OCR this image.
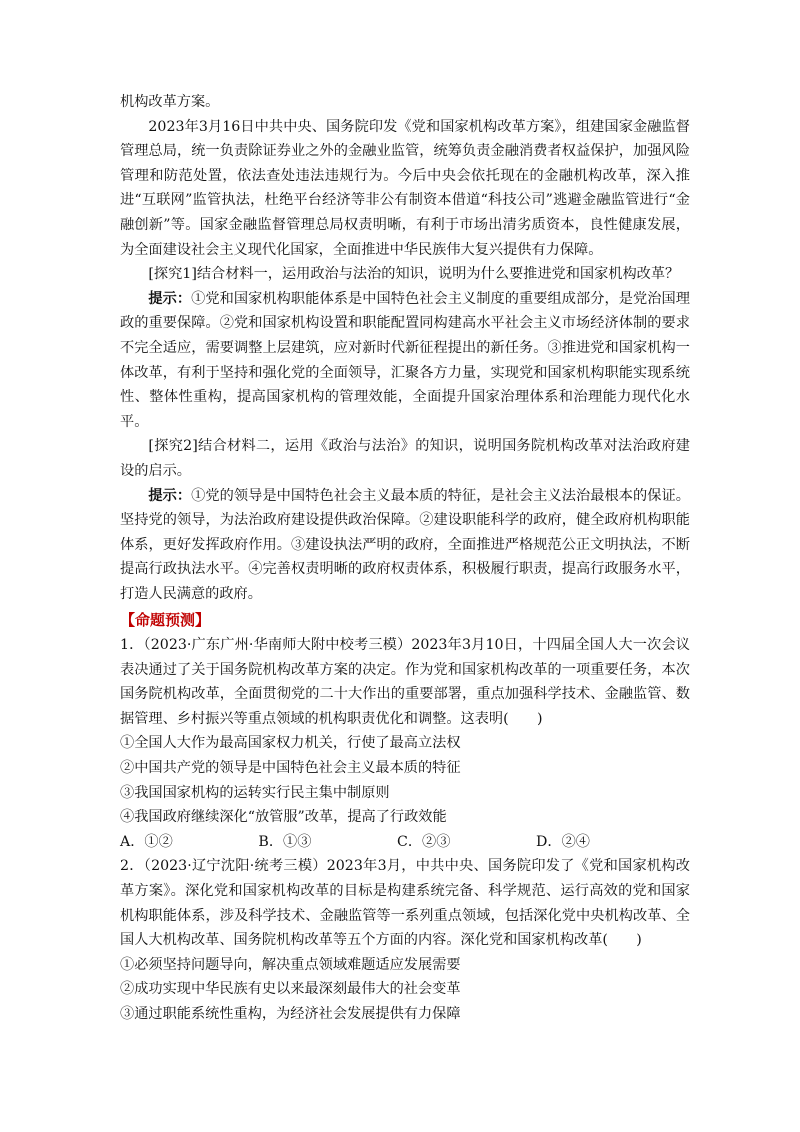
机构改革方案。

2023年3月16日中共中央、国务院印发《党和国家机构改革方案》，组建国家金融监督管理总局，统一负责除证券业之外的金融业监管，统筹负责金融消费者权益保护，加强风险管理和防范处置，依法查处违法违规行为。今后中央会依托现在的金融机构改革，深入推进“互联网”监管执法，杜绝平台经济等非公有制资本借道“科技公司”逃避金融监管进行“金融创新”等。国家金融监督管理总局权责明晰，有利于市场出清劣质资本，良性健康发展，为全面建设社会主义现代化国家，全面推进中华民族伟大复兴提供有力保障。

[探究1]结合材料一，运用政治与法治的知识，说明为什么要推进党和国家机构改革？

提示：①党和国家机构职能体系是中国特色社会主义制度的重要组成部分，是党治国理政的重要保障。②党和国家机构设置和职能配置同构建高水平社会主义市场经济体制的要求不完全适应，需要调整上层建筑，应对新时代新征程提出的新任务。③推进党和国家机构一体改革，有利于坚持和强化党的全面领导，汇聚各方力量，实现党和国家机构职能实现系统性、整体性重构，提高国家机构的管理效能，全面提升国家治理体系和治理能力现代化水平。

[探究2]结合材料二，运用《政治与法治》的知识，说明国务院机构改革对法治政府建设的启示。

提示：①党的领导是中国特色社会主义最本质的特征，是社会主义法治最根本的保证。坚持党的领导，为法治政府建设提供政治保障。②建设职能科学的政府，健全政府机构职能体系，更好发挥政府作用。③建设执法严明的政府，全面推进严格规范公正文明执法，不断提高行政执法水平。④完善权责明晰的政府权责体系，积极履行职责，提高行政服务水平，打造人民满意的政府。

【命题预测】

1．（2023·广东广州·华南师大附中校考三模）2023年3月10日，十四届全国人大一次会议表决通过了关于国务院机构改革方案的决定。作为党和国家机构改革的一项重要任务，本次国务院机构改革，全面贯彻党的二十大作出的重要部署，重点加强科学技术、金融监管、数据管理、乡村振兴等重点领域的机构职责优化和调整。这表明(　　)

①全国人大作为最高国家权力机关，行使了最高立法权

②中国共产党的领导是中国特色社会主义最本质的特征

③我国国家机构的运转实行民主集中制原则

④我国政府继续深化“放管服”改革，提高了行政效能

A．①②	B．①③	C．②③	D．②④

2．（2023·辽宁沈阳·统考三模）2023年3月，中共中央、国务院印发了《党和国家机构改革方案》。深化党和国家机构改革的目标是构建系统完备、科学规范、运行高效的党和国家机构职能体系，涉及科学技术、金融监管等一系列重点领域，包括深化党中央机构改革、全国人大机构改革、国务院机构改革等五个方面的内容。深化党和国家机构改革(　　)

①必须坚持问题导向，解决重点领域难题适应发展需要

②成功实现中华民族有史以来最深刻最伟大的社会变革

③通过职能系统性重构，为经济社会发展提供有力保障
